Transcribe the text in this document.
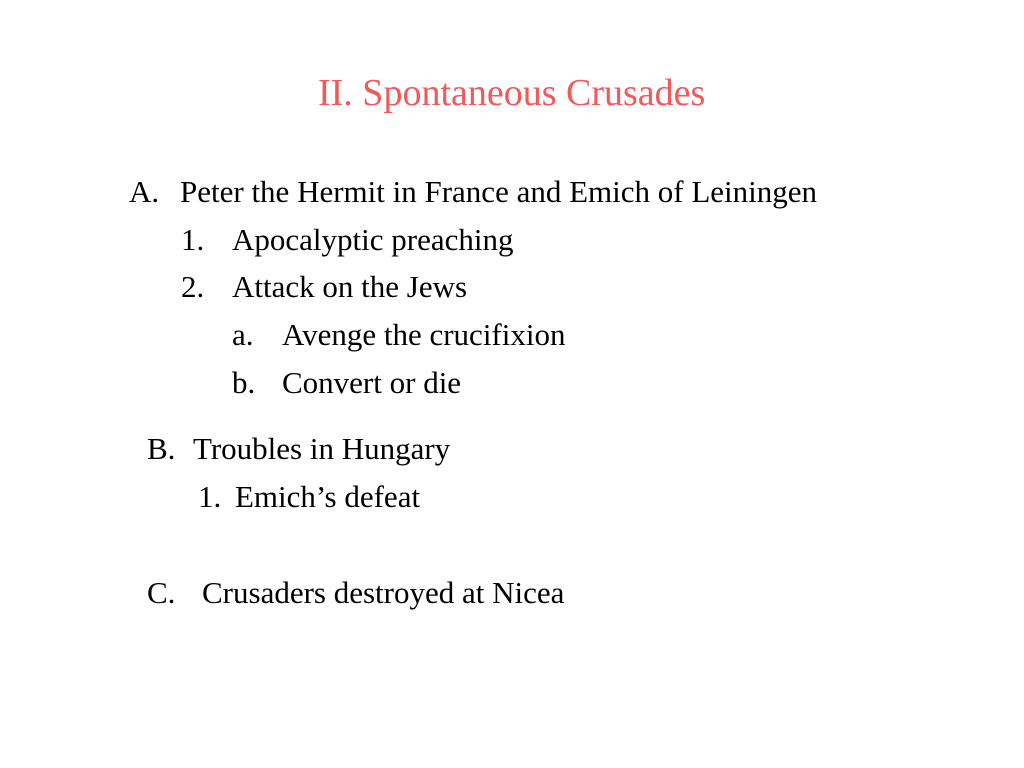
II. Spontaneous Crusades
A. Peter the Hermit in France and Emich of Leiningen
1. Apocalyptic preaching
2. Attack on the Jews
a. Avenge the crucifixion
b. Convert or die
B. Troubles in Hungary
1. Emich’s defeat
C. Crusaders destroyed at Nicea
